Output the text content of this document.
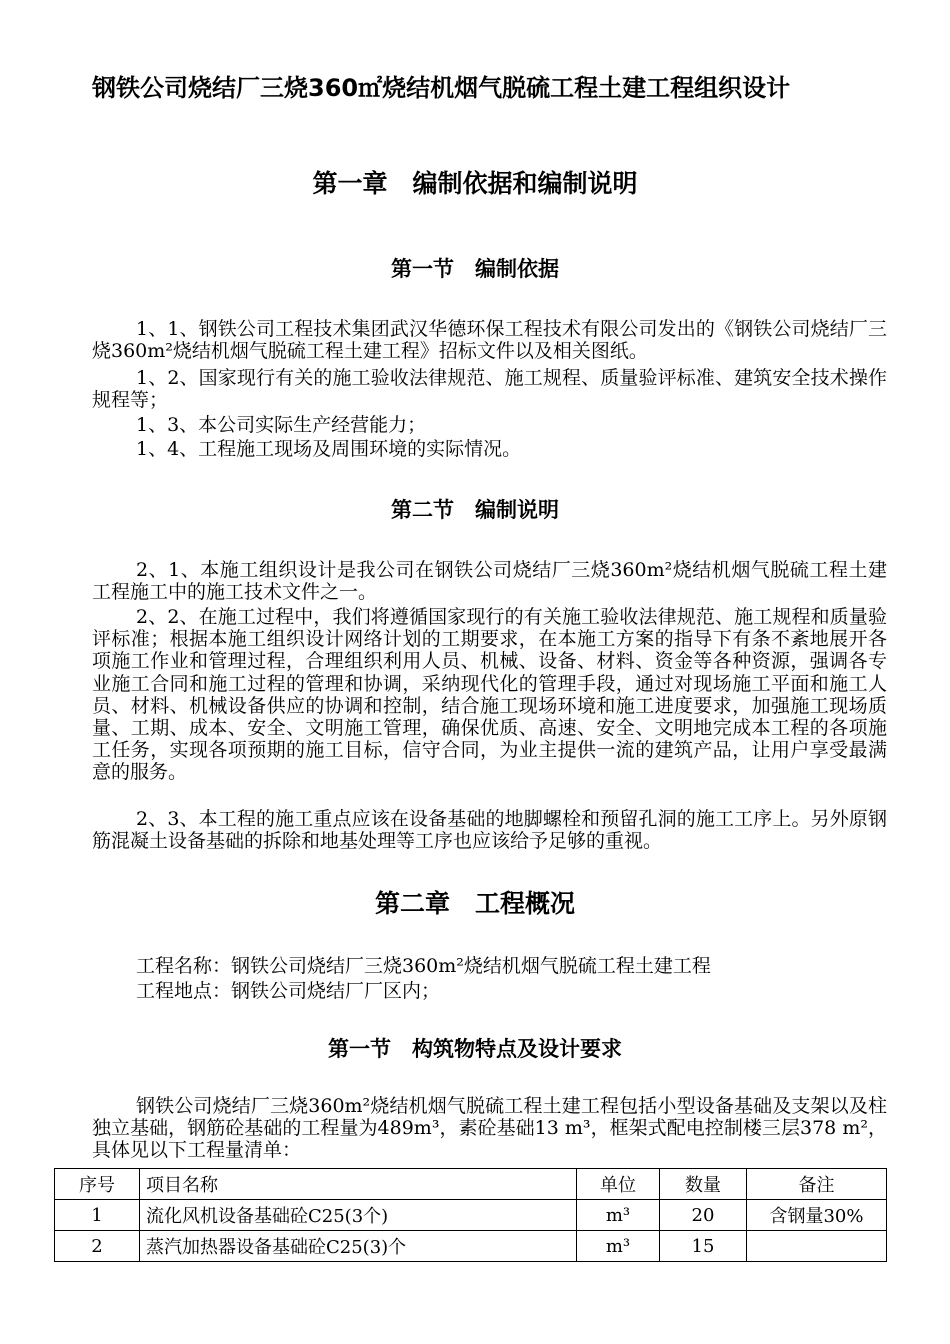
钢铁公司烧结厂三烧360㎡烧结机烟气脱硫工程土建工程组织设计
第一章　编制依据和编制说明
第一节　编制依据

1、1、钢铁公司工程技术集团武汉华德环保工程技术有限公司发出的《钢铁公司烧结厂三烧360m²烧结机烟气脱硫工程土建工程》招标文件以及相关图纸。

1、2、国家现行有关的施工验收法律规范、施工规程、质量验评标准、建筑安全技术操作规程等；

1、3、本公司实际生产经营能力；

1、4、工程施工现场及周围环境的实际情况。

第二节　编制说明

2、1、本施工组织设计是我公司在钢铁公司烧结厂三烧360m²烧结机烟气脱硫工程土建工程施工中的施工技术文件之一。

2、2、在施工过程中，我们将遵循国家现行的有关施工验收法律规范、施工规程和质量验评标准；根据本施工组织设计网络计划的工期要求，在本施工方案的指导下有条不紊地展开各项施工作业和管理过程，合理组织利用人员、机械、设备、材料、资金等各种资源，强调各专业施工合同和施工过程的管理和协调，采纳现代化的管理手段，通过对现场施工平面和施工人员、材料、机械设备供应的协调和控制，结合施工现场环境和施工进度要求，加强施工现场质量、工期、成本、安全、文明施工管理，确保优质、高速、安全、文明地完成本工程的各项施工任务，实现各项预期的施工目标，信守合同，为业主提供一流的建筑产品，让用户享受最满意的服务。

2、3、本工程的施工重点应该在设备基础的地脚螺栓和预留孔洞的施工工序上。另外原钢筋混凝土设备基础的拆除和地基处理等工序也应该给予足够的重视。

第二章　工程概况

工程名称：钢铁公司烧结厂三烧360m²烧结机烟气脱硫工程土建工程

工程地点：钢铁公司烧结厂厂区内；

第一节　构筑物特点及设计要求

钢铁公司烧结厂三烧360m²烧结机烟气脱硫工程土建工程包括小型设备基础及支架以及柱独立基础，钢筋砼基础的工程量为489m³，素砼基础13 m³，框架式配电控制楼三层378 m²，具体见以下工程量清单：

序号	项目名称	单位	数量	备注
1	流化风机设备基础砼C25(3个)	m³	20	含钢量30%
2	蒸汽加热器设备基础砼C25(3)个	m³	15	
